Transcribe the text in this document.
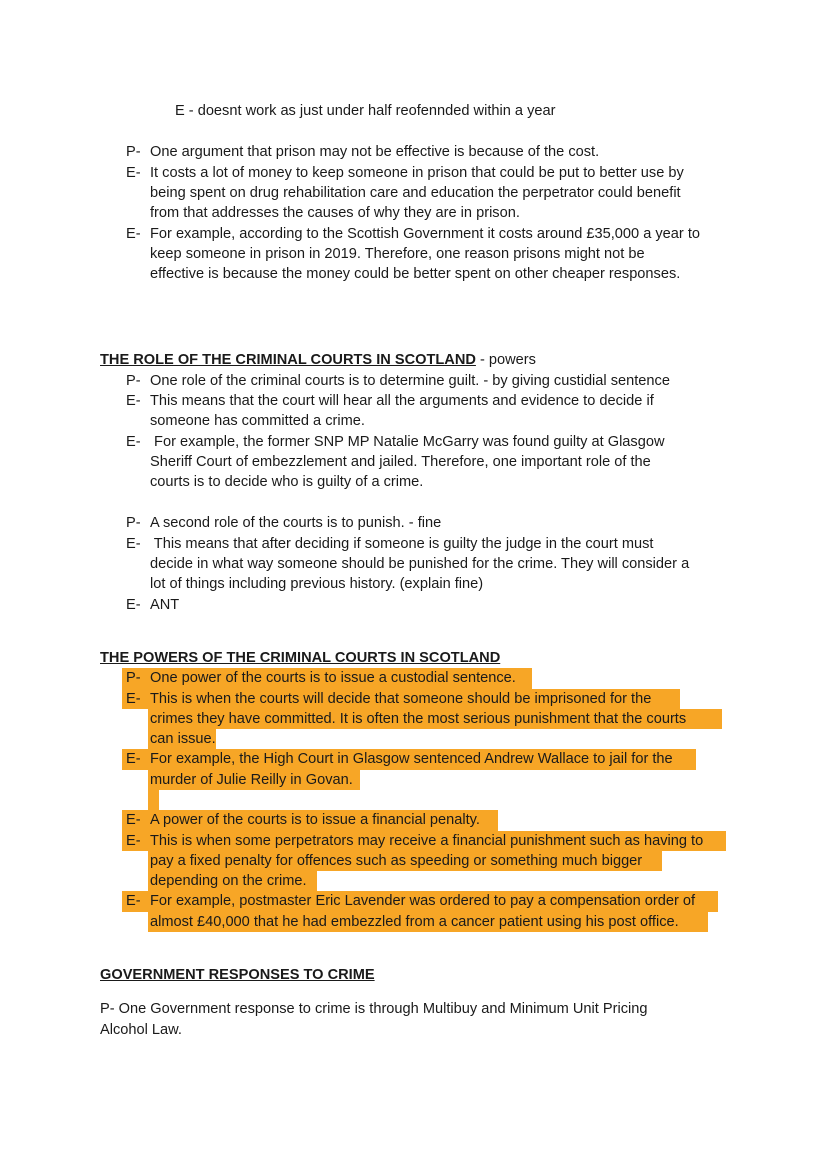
E - doesnt work as just under half reofennded within a year
P- One argument that prison may not be effective is because of the cost.
E- It costs a lot of money to keep someone in prison that could be put to better use by
being spent on drug rehabilitation care and education the perpetrator could benefit
from that addresses the causes of why they are in prison.
E- For example, according to the Scottish Government it costs around £35,000 a year to
keep someone in prison in 2019. Therefore, one reason prisons might not be
effective is because the money could be better spent on other cheaper responses.
THE ROLE OF THE CRIMINAL COURTS IN SCOTLAND - powers
P- One role of the criminal courts is to determine guilt. - by giving custidial sentence
E- This means that the court will hear all the arguments and evidence to decide if
someone has committed a crime.
E- For example, the former SNP MP Natalie McGarry was found guilty at Glasgow
Sheriff Court of embezzlement and jailed. Therefore, one important role of the
courts is to decide who is guilty of a crime.
P- A second role of the courts is to punish. - fine
E- This means that after deciding if someone is guilty the judge in the court must
decide in what way someone should be punished for the crime. They will consider a
lot of things including previous history. (explain fine)
E- ANT
THE POWERS OF THE CRIMINAL COURTS IN SCOTLAND
P- One power of the courts is to issue a custodial sentence.
E- This is when the courts will decide that someone should be imprisoned for the
crimes they have committed. It is often the most serious punishment that the courts
can issue.
E- For example, the High Court in Glasgow sentenced Andrew Wallace to jail for the
murder of Julie Reilly in Govan.
E- A power of the courts is to issue a financial penalty.
E- This is when some perpetrators may receive a financial punishment such as having to
pay a fixed penalty for offences such as speeding or something much bigger
depending on the crime.
E- For example, postmaster Eric Lavender was ordered to pay a compensation order of
almost £40,000 that he had embezzled from a cancer patient using his post office.
GOVERNMENT RESPONSES TO CRIME
P- One Government response to crime is through Multibuy and Minimum Unit Pricing
Alcohol Law.
